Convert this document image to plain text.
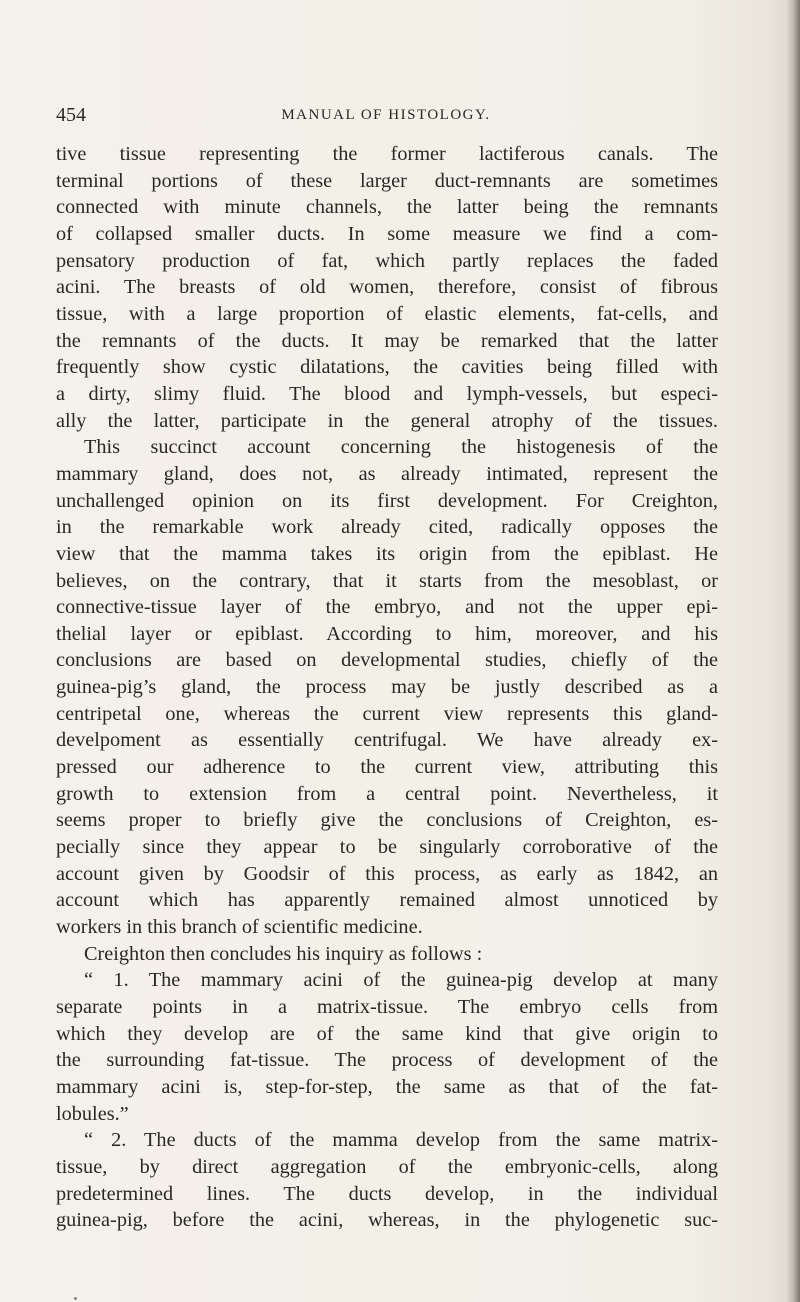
454	MANUAL OF HISTOLOGY.
tive tissue representing the former lactiferous canals. The
terminal portions of these larger duct-remnants are sometimes
connected with minute channels, the latter being the remnants
of collapsed smaller ducts. In some measure we find a com-
pensatory production of fat, which partly replaces the faded
acini. The breasts of old women, therefore, consist of fibrous
tissue, with a large proportion of elastic elements, fat-cells, and
the remnants of the ducts. It may be remarked that the latter
frequently show cystic dilatations, the cavities being filled with
a dirty, slimy fluid. The blood and lymph-vessels, but especi-
ally the latter, participate in the general atrophy of the tissues.
This succinct account concerning the histogenesis of the
mammary gland, does not, as already intimated, represent the
unchallenged opinion on its first development. For Creighton,
in the remarkable work already cited, radically opposes the
view that the mamma takes its origin from the epiblast. He
believes, on the contrary, that it starts from the mesoblast, or
connective-tissue layer of the embryo, and not the upper epi-
thelial layer or epiblast. According to him, moreover, and his
conclusions are based on developmental studies, chiefly of the
guinea-pig’s gland, the process may be justly described as a
centripetal one, whereas the current view represents this gland-
develpoment as essentially centrifugal. We have already ex-
pressed our adherence to the current view, attributing this
growth to extension from a central point. Nevertheless, it
seems proper to briefly give the conclusions of Creighton, es-
pecially since they appear to be singularly corroborative of the
account given by Goodsir of this process, as early as 1842, an
account which has apparently remained almost unnoticed by
workers in this branch of scientific medicine.
Creighton then concludes his inquiry as follows :
“ 1. The mammary acini of the guinea-pig develop at many
separate points in a matrix-tissue. The embryo cells from
which they develop are of the same kind that give origin to
the surrounding fat-tissue. The process of development of the
mammary acini is, step-for-step, the same as that of the fat-
lobules.”
“ 2. The ducts of the mamma develop from the same matrix-
tissue, by direct aggregation of the embryonic-cells, along
predetermined lines. The ducts develop, in the individual
guinea-pig, before the acini, whereas, in the phylogenetic suc-
